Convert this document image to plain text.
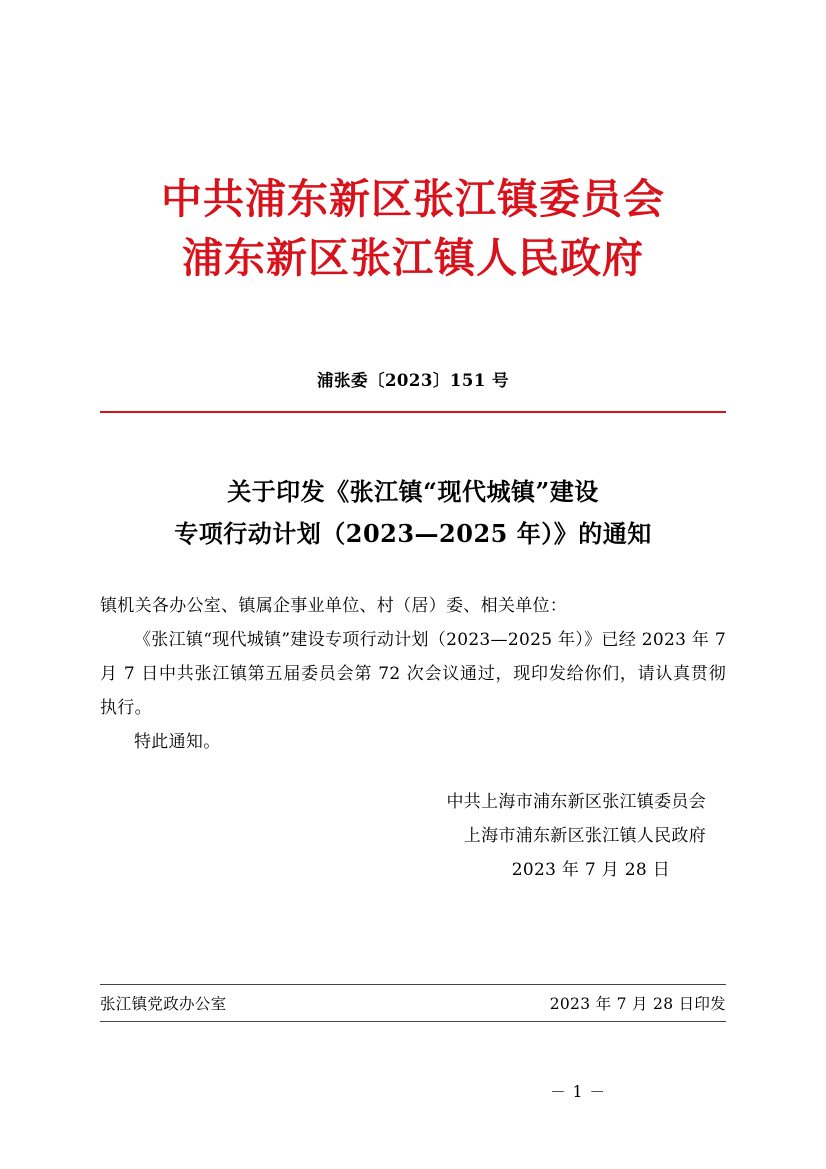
中共浦东新区张江镇委员会
浦东新区张江镇人民政府
浦张委〔2023〕151 号
关于印发《张江镇“现代城镇”建设
专项行动计划（2023—2025 年）》的通知

镇机关各办公室、镇属企事业单位、村（居）委、相关单位：

《张江镇“现代城镇”建设专项行动计划（2023—2025 年）》已经 2023 年 7 月 7 日中共张江镇第五届委员会第 72 次会议通过，现印发给你们，请认真贯彻执行。

特此通知。

中共上海市浦东新区张江镇委员会
上海市浦东新区张江镇人民政府
2023 年 7 月 28 日
张江镇党政办公室	2023 年 7 月 28 日印发
－ 1 －
